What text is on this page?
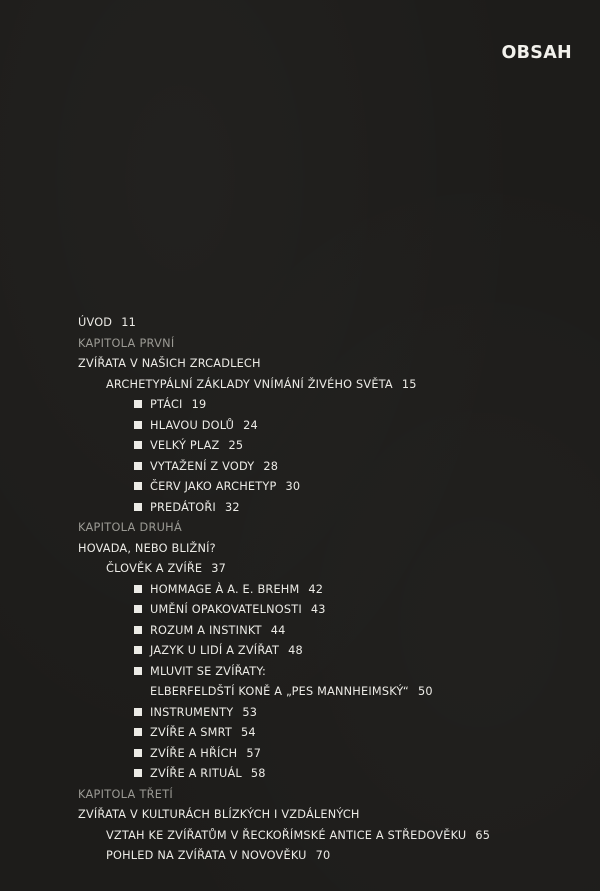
OBSAH
ÚVOD 11
KAPITOLA PRVNÍ
ZVÍŘATA V NAŠICH ZRCADLECH
ARCHETYPÁLNÍ ZÁKLADY VNÍMÁNÍ ŽIVÉHO SVĚTA 15
PTÁCI 19
HLAVOU DOLŮ 24
VELKÝ PLAZ 25
VYTAŽENÍ Z VODY 28
ČERV JAKO ARCHETYP 30
PREDÁTOŘI 32
KAPITOLA DRUHÁ
HOVADA, NEBO BLIŽNÍ?
ČLOVĚK A ZVÍŘE 37
HOMMAGE À A. E. BREHM 42
UMĚNÍ OPAKOVATELNOSTI 43
ROZUM A INSTINKT 44
JAZYK U LIDÍ A ZVÍŘAT 48
MLUVIT SE ZVÍŘATY:
ELBERFELDŠTÍ KONĚ A „PES MANNHEIMSKÝ“ 50
INSTRUMENTY 53
ZVÍŘE A SMRT 54
ZVÍŘE A HŘÍCH 57
ZVÍŘE A RITUÁL 58
KAPITOLA TŘETÍ
ZVÍŘATA V KULTURÁCH BLÍZKÝCH I VZDÁLENÝCH
VZTAH KE ZVÍŘATŮM V ŘECKOŘÍMSKÉ ANTICE A STŘEDOVĚKU 65
POHLED NA ZVÍŘATA V NOVOVĚKU 70
